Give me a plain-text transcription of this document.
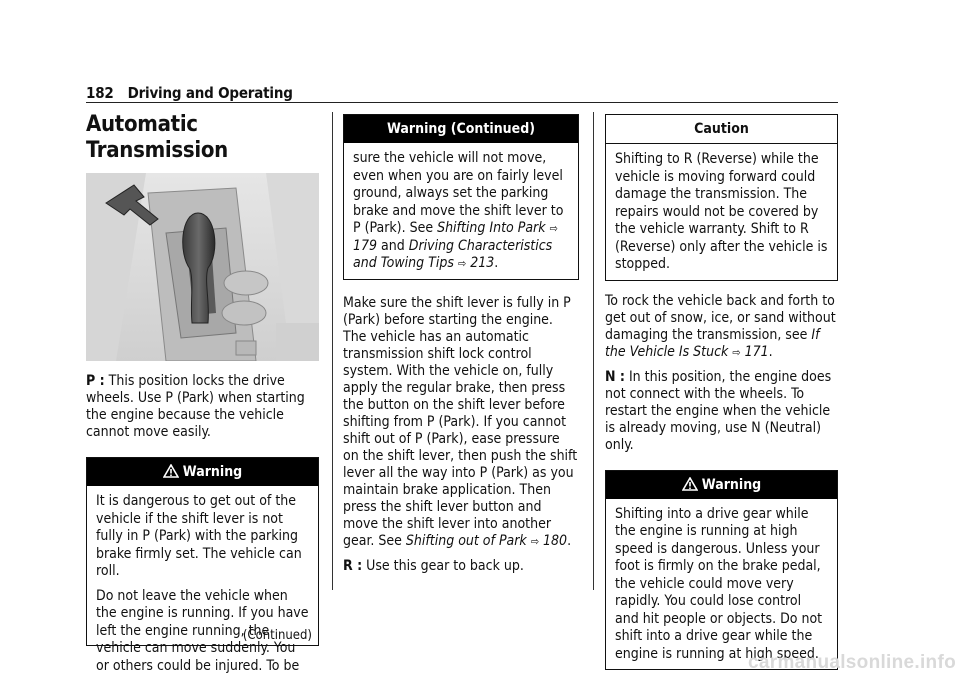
182 Driving and Operating
Automatic Transmission

P : This position locks the drive wheels. Use P (Park) when starting the engine because the vehicle cannot move easily.

Warning

It is dangerous to get out of the vehicle if the shift lever is not fully in P (Park) with the parking brake firmly set. The vehicle can roll.

Do not leave the vehicle when the engine is running. If you have left the engine running, the vehicle can move suddenly. You or others could be injured. To be

(Continued)
Warning (Continued)

sure the vehicle will not move, even when you are on fairly level ground, always set the parking brake and move the shift lever to P (Park). See Shifting Into Park ⇨ 179 and Driving Characteristics and Towing Tips ⇨ 213.

Make sure the shift lever is fully in P (Park) before starting the engine. The vehicle has an automatic transmission shift lock control system. With the vehicle on, fully apply the regular brake, then press the button on the shift lever before shifting from P (Park). If you cannot shift out of P (Park), ease pressure on the shift lever, then push the shift lever all the way into P (Park) as you maintain brake application. Then press the shift lever button and move the shift lever into another gear. See Shifting out of Park ⇨ 180.

R : Use this gear to back up.

Caution

Shifting to R (Reverse) while the vehicle is moving forward could damage the transmission. The repairs would not be covered by the vehicle warranty. Shift to R (Reverse) only after the vehicle is stopped.

To rock the vehicle back and forth to get out of snow, ice, or sand without damaging the transmission, see If the Vehicle Is Stuck ⇨ 171.

N : In this position, the engine does not connect with the wheels. To restart the engine when the vehicle is already moving, use N (Neutral) only.

Warning

Shifting into a drive gear while the engine is running at high speed is dangerous. Unless your foot is firmly on the brake pedal, the vehicle could move very rapidly. You could lose control and hit people or objects. Do not shift into a drive gear while the engine is running at high speed.

carmanualsonline.info
